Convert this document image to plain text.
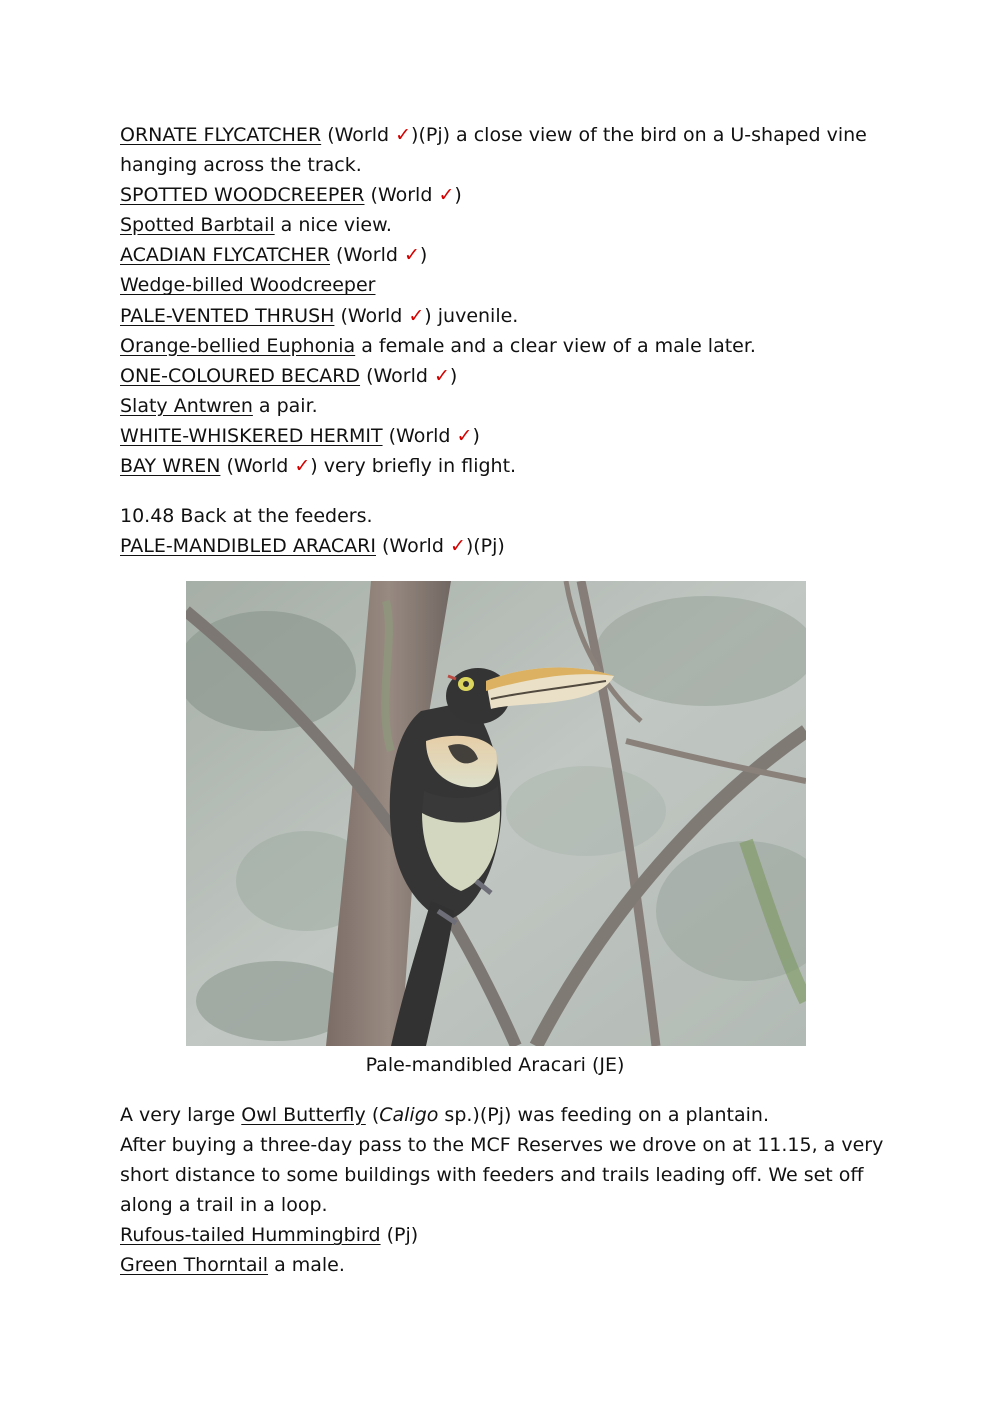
ORNATE FLYCATCHER (World ✓)(Pj) a close view of the bird on a U-shaped vine
hanging across the track.
SPOTTED WOODCREEPER (World ✓)
Spotted Barbtail a nice view.
ACADIAN FLYCATCHER (World ✓)
Wedge-billed Woodcreeper
PALE-VENTED THRUSH (World ✓) juvenile.
Orange-bellied Euphonia a female and a clear view of a male later.
ONE-COLOURED BECARD (World ✓)
Slaty Antwren a pair.
WHITE-WHISKERED HERMIT (World ✓)
BAY WREN (World ✓) very briefly in flight.
10.48 Back at the feeders.
PALE-MANDIBLED ARACARI (World ✓)(Pj)
Pale-mandibled Aracari (JE)
A very large Owl Butterfly (Caligo sp.)(Pj) was feeding on a plantain.
After buying a three-day pass to the MCF Reserves we drove on at 11.15, a very
short distance to some buildings with feeders and trails leading off. We set off
along a trail in a loop.
Rufous-tailed Hummingbird (Pj)
Green Thorntail a male.
